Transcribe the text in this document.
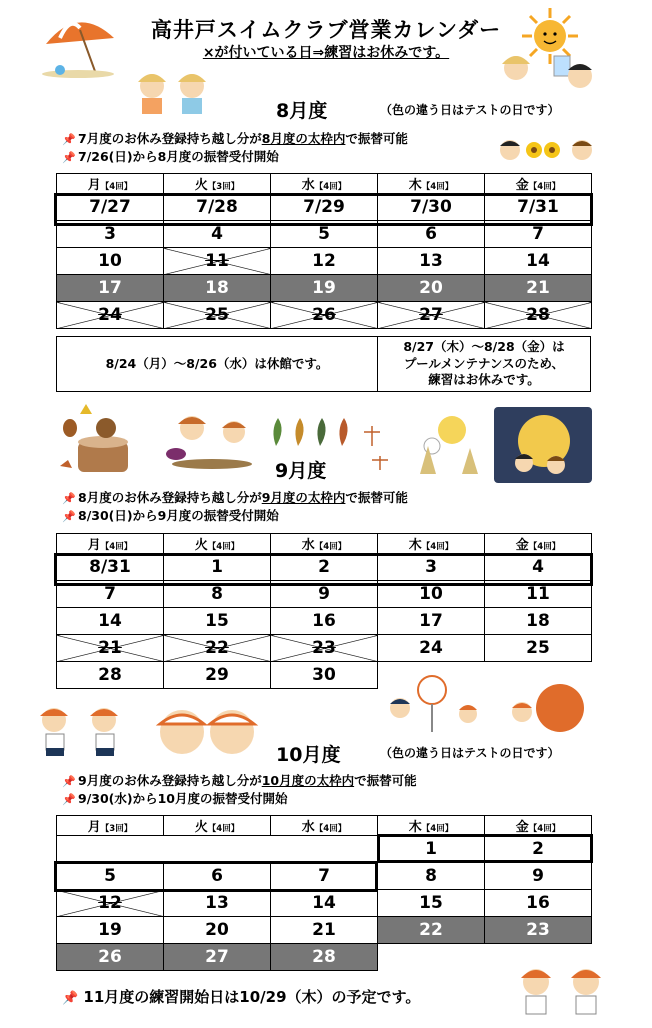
高井戸スイムクラブ営業カレンダー
×が付いている日⇒練習はお休みです。
8月度	（色の違う日はテストの日です）
📌 7月度のお休み登録持ち越し分が8月度の太枠内で振替可能
📌 7/26(日)から8月度の振替受付開始
月【4回】	火【3回】	水【4回】	木【4回】	金【4回】
7/27	7/28	7/29	7/30	7/31
3	4	5	6	7
10	11	12	13	14
17	18	19	20	21
24	25	26	27	28
8/24（月）～8/26（水）は休館です。
8/27（木）～8/28（金）は
プールメンテナンスのため、
練習はお休みです。
9月度
📌 8月度のお休み登録持ち越し分が9月度の太枠内で振替可能
📌 8/30(日)から9月度の振替受付開始
月【4回】	火【4回】	水【4回】	木【4回】	金【4回】
8/31	1	2	3	4
7	8	9	10	11
14	15	16	17	18
21	22	23	24	25
28	29	30		
10月度	（色の違う日はテストの日です）
📌 9月度のお休み登録持ち越し分が10月度の太枠内で振替可能
📌 9/30(水)から10月度の振替受付開始
月【3回】	火【4回】	水【4回】	木【4回】	金【4回】
			1	2
5	6	7	8	9
12	13	14	15	16
19	20	21	22	23
26	27	28		
📌 11月度の練習開始日は10/29（木）の予定です。
